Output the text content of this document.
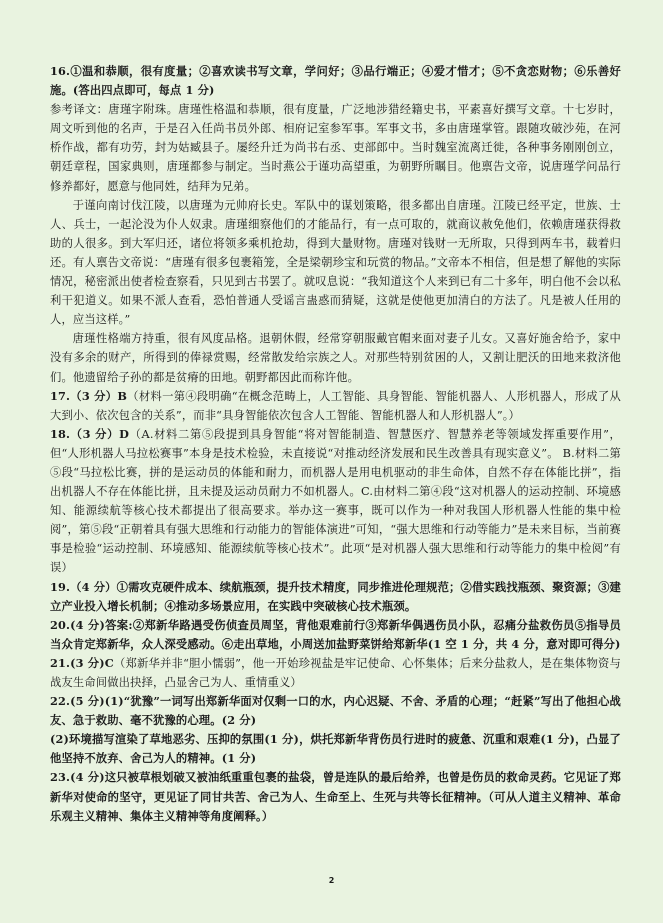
16.①温和恭顺，很有度量；②喜欢读书写文章，学问好；③品行端正；④爱才惜才；⑤不贪恋财物；⑥乐善好施。(答出四点即可，每点 1 分)

参考译文：唐瑾字附珠。唐瑾性格温和恭顺，很有度量，广泛地涉猎经籍史书，平素喜好撰写文章。十七岁时，周文听到他的名声，于是召入任尚书员外郎、相府记室参军事。军事文书，多由唐瑾掌管。跟随攻破沙苑，在河桥作战，都有功劳，封为姑臧县子。屡经升迁为尚书右丞、吏部郎中。当时魏室流离迁徙，各种事务刚刚创立，朝廷章程，国家典则，唐瑾都参与制定。当时燕公于谨功高望重，为朝野所瞩目。他禀告文帝，说唐瑾学问品行修养都好，愿意与他同姓，结拜为兄弟。

于谨向南讨伐江陵，以唐瑾为元帅府长史。军队中的谋划策略，很多都出自唐瑾。江陵已经平定，世族、士人、兵士，一起沦没为仆人奴隶。唐瑾细察他们的才能品行，有一点可取的，就商议赦免他们，依赖唐瑾获得救助的人很多。到大军归还，诸位将领多乘机抢劫，得到大量财物。唐瑾对钱财一无所取，只得到两车书，载着归还。有人禀告文帝说：“唐瑾有很多包裹箱笼，全是梁朝珍宝和玩赏的物品。”文帝本不相信，但是想了解他的实际情况，秘密派出使者检查察看，只见到古书罢了。就叹息说：“我知道这个人来到已有二十多年，明白他不会以私利干犯道义。如果不派人查看，恐怕普通人受谣言蛊惑而猜疑，这就是使他更加清白的方法了。凡是被人任用的人，应当这样。”

唐瑾性格端方持重，很有风度品格。退朝休假，经常穿朝服戴官帽来面对妻子儿女。又喜好施舍给予，家中没有多余的财产，所得到的俸禄赏赐，经常散发给宗族之人。对那些特别贫困的人，又割让肥沃的田地来救济他们。他遗留给子孙的都是贫瘠的田地。朝野都因此而称许他。

17.（3 分）B（材料一第④段明确“在概念范畴上，人工智能、具身智能、智能机器人、人形机器人，形成了从大到小、依次包含的关系”，而非“具身智能依次包含人工智能、智能机器人和人形机器人”。）

18.（3 分）D（A.材料二第⑤段提到具身智能“将对智能制造、智慧医疗、智慧养老等领域发挥重要作用”，但“人形机器人马拉松赛事”本身是技术检验，未直接说“对推动经济发展和民生改善具有现实意义”。 B.材料二第⑤段“马拉松比赛，拼的是运动员的体能和耐力，而机器人是用电机驱动的非生命体，自然不存在体能比拼”，指出机器人不存在体能比拼，且未提及运动员耐力不如机器人。C.由材料二第④段“这对机器人的运动控制、环境感知、能源续航等核心技术都提出了很高要求。举办这一赛事，既可以作为一种对我国人形机器人性能的集中检阅”，第⑤段“正朝着具有强大思维和行动能力的智能体演进”可知，“强大思维和行动等能力”是未来目标，当前赛事是检验“运动控制、环境感知、能源续航等核心技术”。此项“是对机器人强大思维和行动等能力的集中检阅”有误）

19.（4 分）①需攻克硬件成本、续航瓶颈，提升技术精度，同步推进伦理规范；②借实践找瓶颈、聚资源；③建立产业投入增长机制；④推动多场景应用，在实践中突破核心技术瓶颈。

20.(4 分)答案:②郑新华路遇受伤侦查员周坚，背他艰难前行③郑新华偶遇伤员小队，忍痛分盐救伤员⑤指导员当众肯定郑新华，众人深受感动。⑥走出草地，小周送加盐野菜饼给郑新华(1 空 1 分，共 4 分，意对即可得分)

21.(3 分)C（郑新华并非“胆小懦弱”，他一开始珍视盐是牢记使命、心怀集体；后来分盐救人，是在集体物资与战友生命间做出抉择，凸显舍己为人、重情重义）

22.(5 分)(1)“犹豫”一词写出郑新华面对仅剩一口的水，内心迟疑、不舍、矛盾的心理；“赶紧”写出了他担心战友、急于救助、毫不犹豫的心理。(2 分)

(2)环境描写渲染了草地恶劣、压抑的氛围(1 分)，烘托郑新华背伤员行进时的疲惫、沉重和艰难(1 分)，凸显了他坚持不放弃、舍己为人的精神。(1 分)

23.(4 分)这只被草根划破又被油纸重重包裹的盐袋，曾是连队的最后给养，也曾是伤员的救命灵药。它见证了郑新华对使命的坚守，更见证了同甘共苦、舍己为人、生命至上、生死与共等长征精神。（可从人道主义精神、革命乐观主义精神、集体主义精神等角度阐释。）

2
